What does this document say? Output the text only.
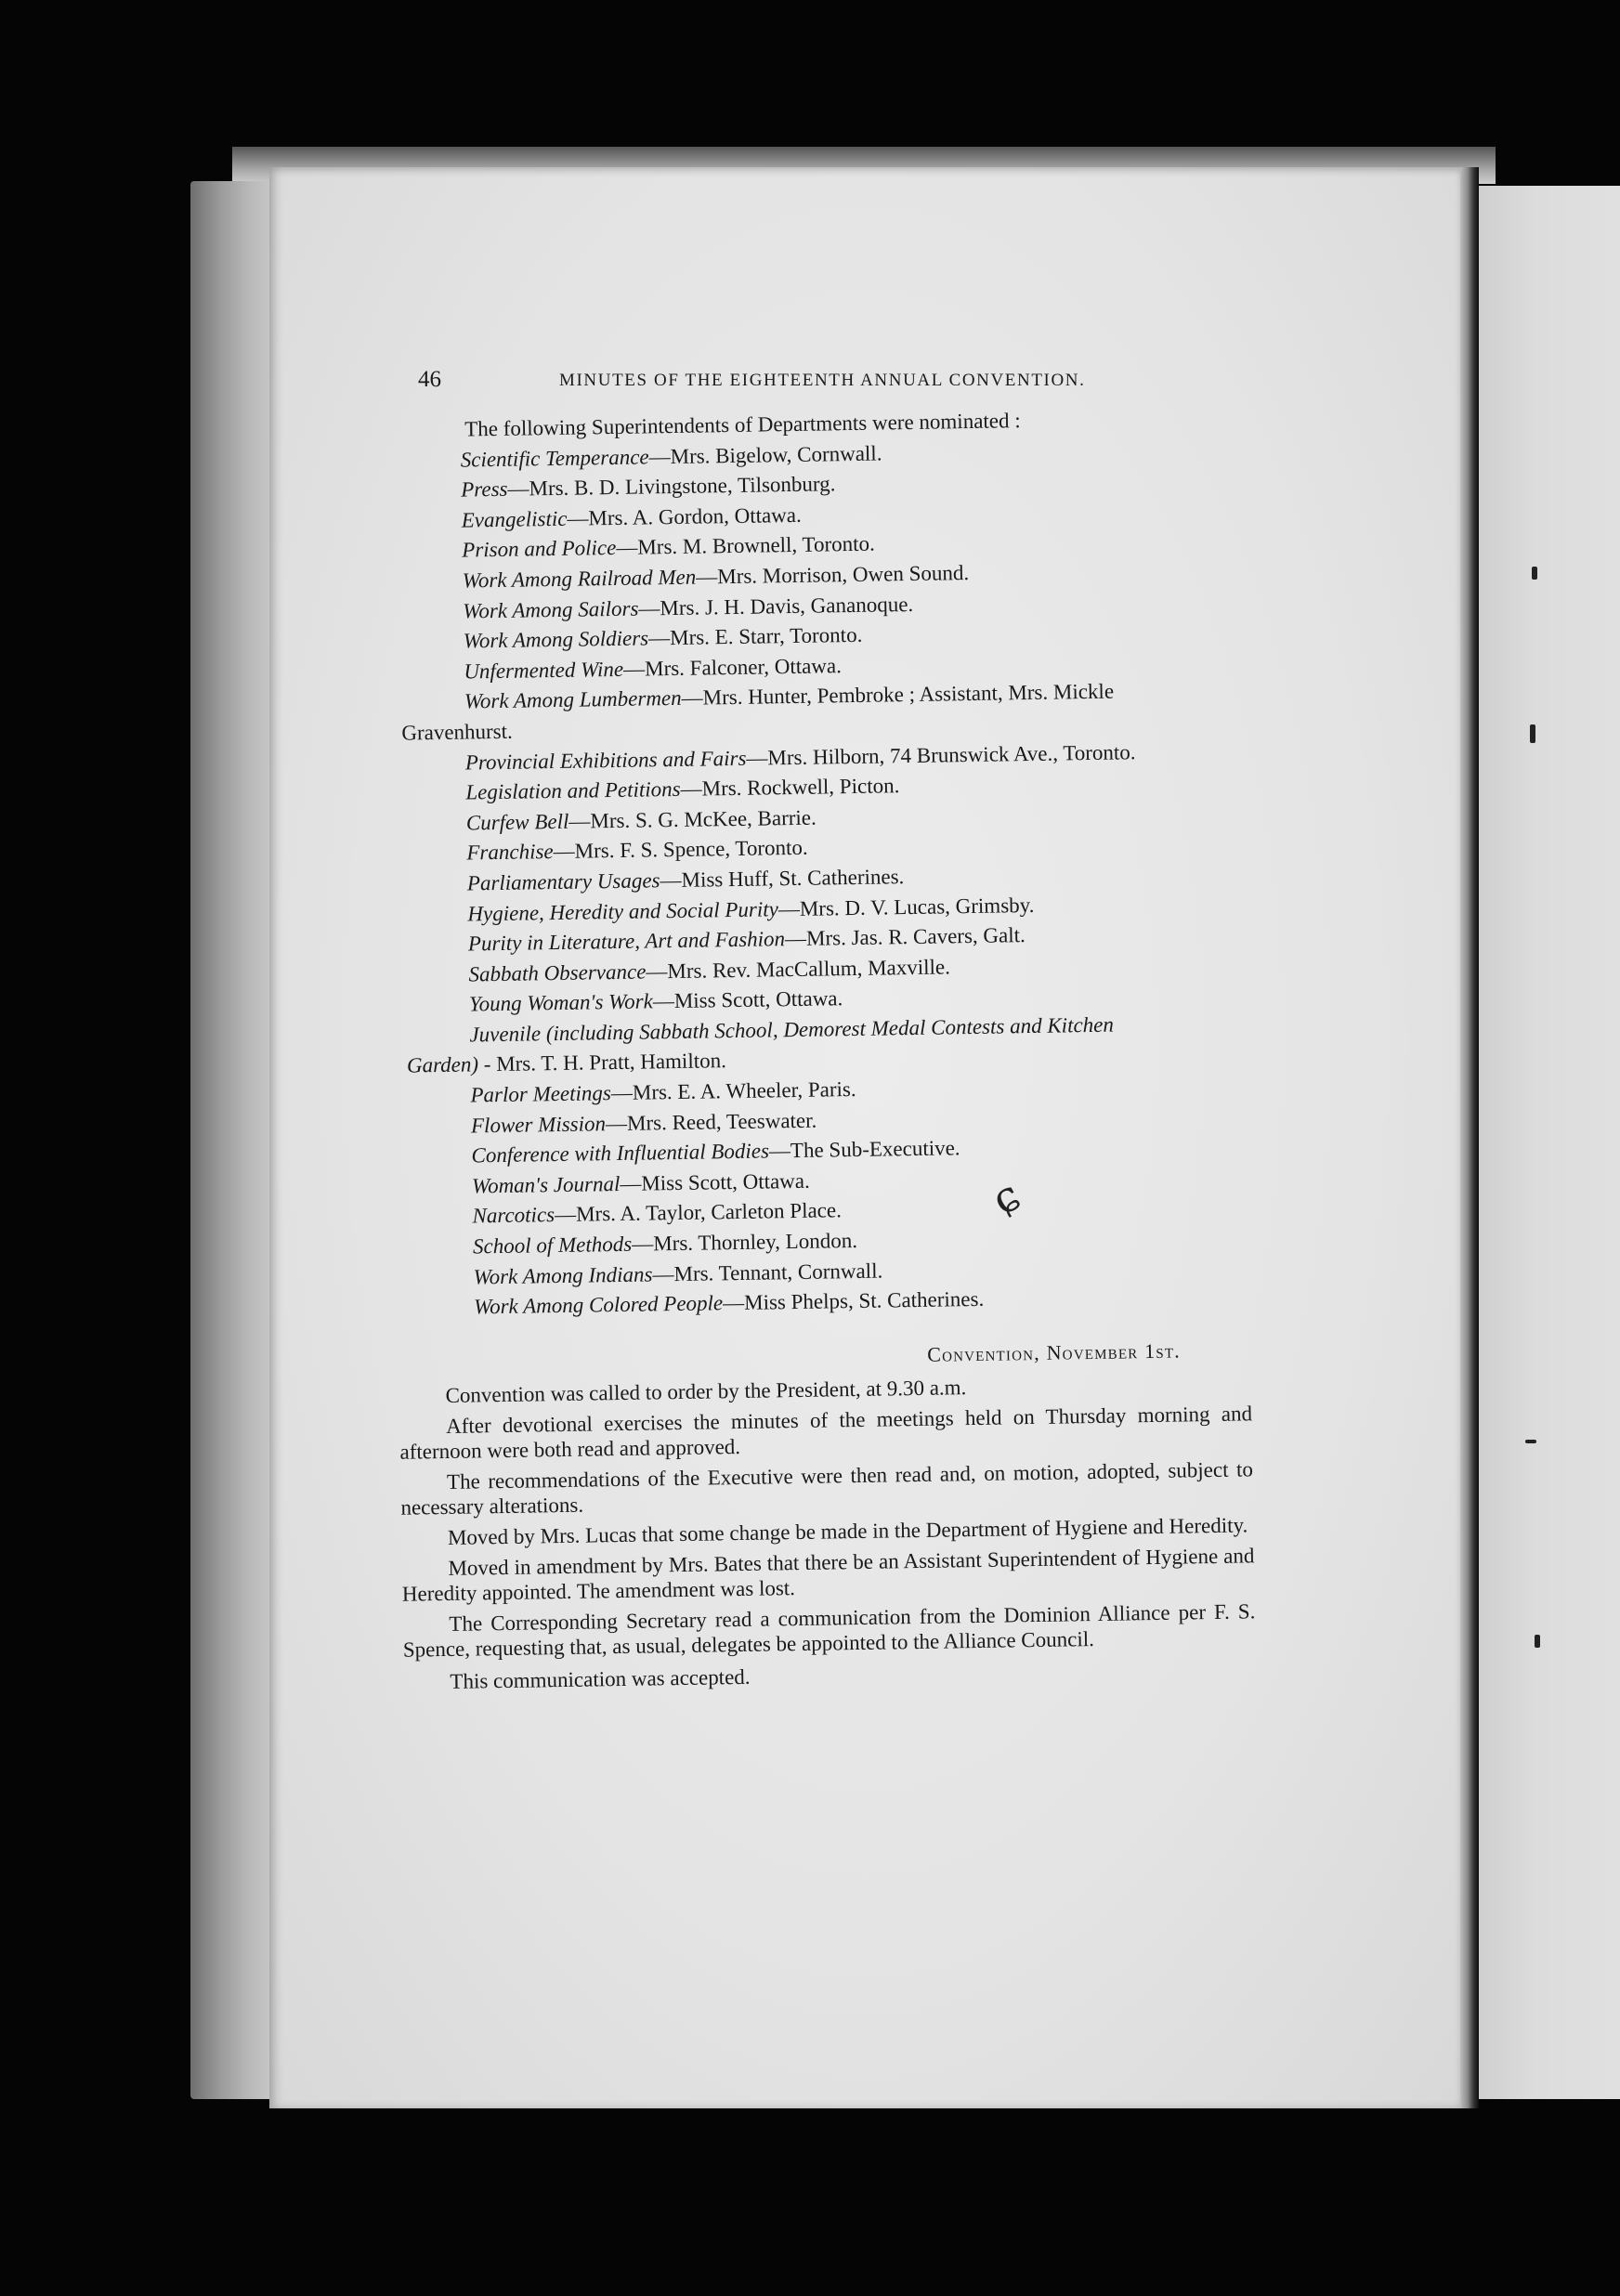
46	MINUTES OF THE EIGHTEENTH ANNUAL CONVENTION.
The following Superintendents of Departments were nominated :
Scientific Temperance—Mrs. Bigelow, Cornwall.
Press—Mrs. B. D. Livingstone, Tilsonburg.
Evangelistic—Mrs. A. Gordon, Ottawa.
Prison and Police—Mrs. M. Brownell, Toronto.
Work Among Railroad Men—Mrs. Morrison, Owen Sound.
Work Among Sailors—Mrs. J. H. Davis, Gananoque.
Work Among Soldiers—Mrs. E. Starr, Toronto.
Unfermented Wine—Mrs. Falconer, Ottawa.
Work Among Lumbermen—Mrs. Hunter, Pembroke ; Assistant, Mrs. Mickle
Gravenhurst.
Provincial Exhibitions and Fairs—Mrs. Hilborn, 74 Brunswick Ave., Toronto.
Legislation and Petitions—Mrs. Rockwell, Picton.
Curfew Bell—Mrs. S. G. McKee, Barrie.
Franchise—Mrs. F. S. Spence, Toronto.
Parliamentary Usages—Miss Huff, St. Catherines.
Hygiene, Heredity and Social Purity—Mrs. D. V. Lucas, Grimsby.
Purity in Literature, Art and Fashion—Mrs. Jas. R. Cavers, Galt.
Sabbath Observance—Mrs. Rev. MacCallum, Maxville.
Young Woman's Work—Miss Scott, Ottawa.
Juvenile (including Sabbath School, Demorest Medal Contests and Kitchen
Garden) - Mrs. T. H. Pratt, Hamilton.
Parlor Meetings—Mrs. E. A. Wheeler, Paris.
Flower Mission—Mrs. Reed, Teeswater.
Conference with Influential Bodies—The Sub-Executive.
Woman's Journal—Miss Scott, Ottawa.
Narcotics—Mrs. A. Taylor, Carleton Place.
School of Methods—Mrs. Thornley, London.
Work Among Indians—Mrs. Tennant, Cornwall.
Work Among Colored People—Miss Phelps, St. Catherines.
Convention, November 1st.
Convention was called to order by the President, at 9.30 a.m.
After devotional exercises the minutes of the meetings held on Thursday morning and afternoon were both read and approved.
The recommendations of the Executive were then read and, on motion, adopted, subject to necessary alterations.
Moved by Mrs. Lucas that some change be made in the Department of Hygiene and Heredity.
Moved in amendment by Mrs. Bates that there be an Assistant Superintendent of Hygiene and Heredity appointed. The amendment was lost.
The Corresponding Secretary read a communication from the Dominion Alliance per F. S. Spence, requesting that, as usual, delegates be appointed to the Alliance Council.
This communication was accepted.
ɕ
